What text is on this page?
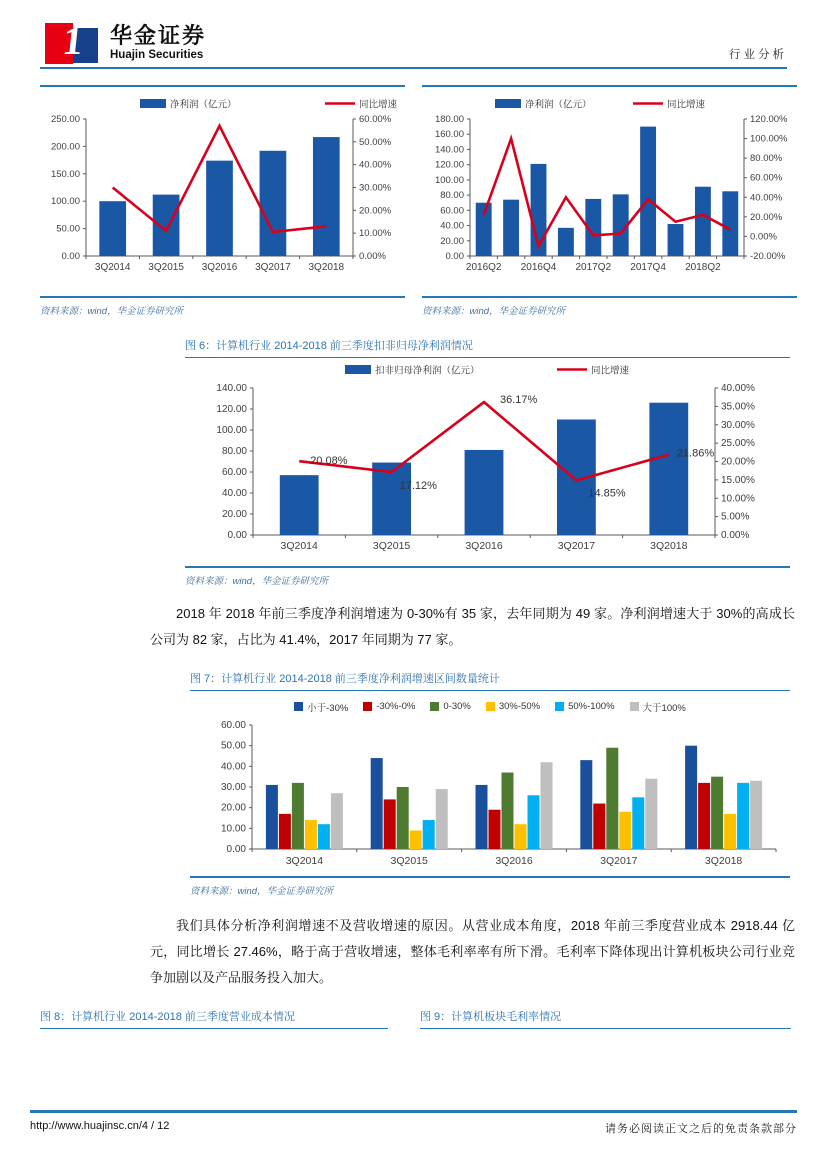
1	华金证券
Huajin Securities	行业分析
0.00
50.00
100.00
150.00
200.00
250.00
0.00%
10.00%
20.00%
30.00%
40.00%
50.00%
60.00%
3Q2014 3Q2015 3Q2016 3Q2017 3Q2018
净利润（亿元）	同比增速
资料来源：wind，华金证券研究所
0.00
20.00
40.00
60.00
80.00
100.00
120.00
140.00
160.00
180.00
-20.00%
0.00%
20.00%
40.00%
60.00%
80.00%
100.00%
120.00%
2016Q2 2016Q4 2017Q2 2017Q4 2018Q2
净利润（亿元）	同比增速
资料来源：wind，华金证券研究所
图 6：计算机行业 2014-2018 前三季度扣非归母净利润情况
0.00
20.00
40.00
60.00
80.00
100.00
120.00
140.00
0.00%
5.00%
10.00%
15.00%
20.00%
25.00%
30.00%
35.00%
40.00%
3Q2014	3Q2015	3Q2016	3Q2017	3Q2018
20.08%
17.12%
36.17%
14.85%
21.86%
扣非归母净利润（亿元）	同比增速
资料来源：wind，华金证券研究所

2018 年 2018 年前三季度净利润增速为 0-30%有 35 家，去年同期为 49 家。净利润增速大于 30%的高成长公司为 82 家，占比为 41.4%，2017 年同期为 77 家。

图 7：计算机行业 2014-2018 前三季度净利润增速区间数量统计
小于-30%	-30%-0%	0-30%	30%-50%	50%-100%	大于100%
0.00
10.00
20.00
30.00
40.00
50.00
60.00
3Q2014	3Q2015	3Q2016	3Q2017	3Q2018
资料来源：wind，华金证券研究所

我们具体分析净利润增速不及营收增速的原因。从营业成本角度，2018 年前三季度营业成本 2918.44 亿元，同比增长 27.46%，略于高于营收增速，整体毛利率率有所下滑。毛利率下降体现出计算机板块公司行业竞争加剧以及产品服务投入加大。

图 8：计算机行业 2014-2018 前三季度营业成本情况	图 9：计算机板块毛利率情况
http://www.huajinsc.cn/4 / 12	请务必阅读正文之后的免责条款部分
